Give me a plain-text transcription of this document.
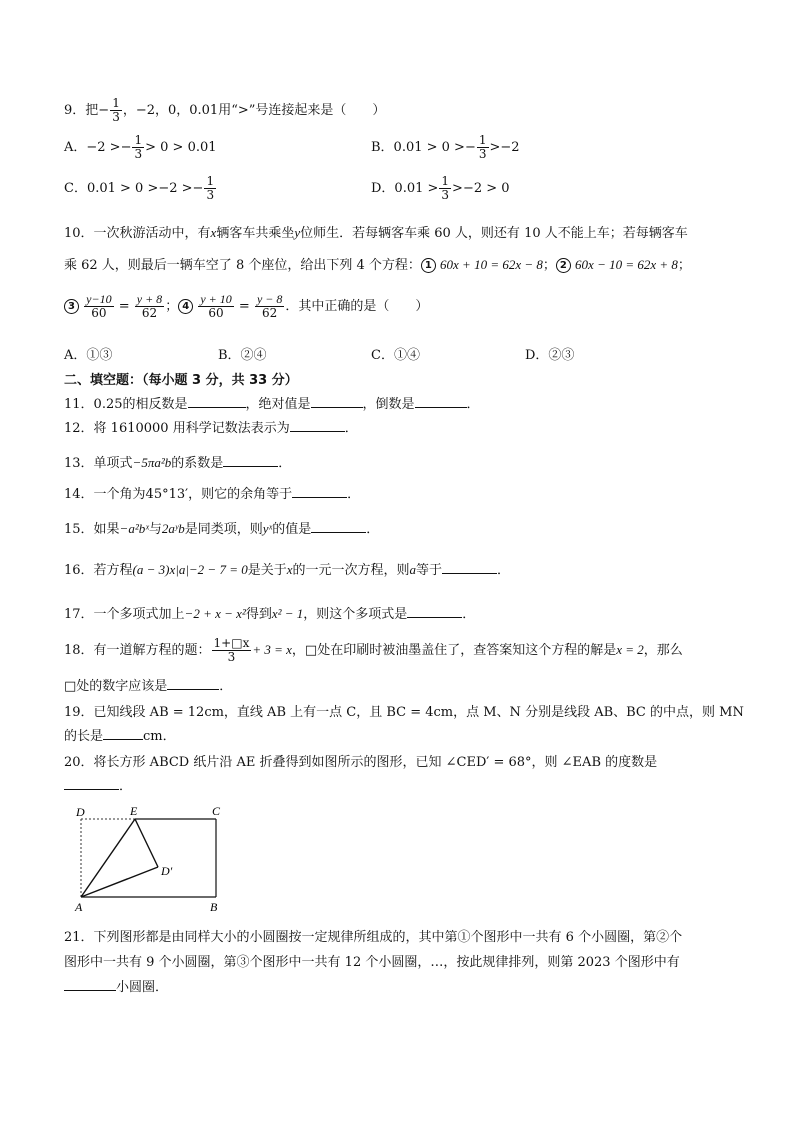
9．把− $\frac{1}{3}$ ，−2，0，0.01用“>”号连接起来是（　　）
A．$-2 >- \frac{1}{3} > 0 > 0.01$	B．$0.01 > 0 >- \frac{1}{3} >-2$
C．$0.01 > 0 >-2 >- \frac{1}{3}$	D．$0.01 > \frac{1}{3} >-2 > 0$
10．一次秋游活动中，有x辆客车共乘坐y位师生．若每辆客车乘 60 人，则还有 10 人不能上车；若每辆客车
乘 62 人，则最后一辆车空了 8 个座位，给出下列 4 个方程： 1 60x + 10 = 62x − 8； 2 60x − 10 = 62x + 8；
$3 \frac{y-10}{60} = \frac{y + 8}{62}$ ； $4 \frac{y + 10}{60} = \frac{y - 8}{62}$ ．其中正确的是（　　）
A．①③	B．②④	C．①④	D．②③
二、填空题：（每小题 3 分，共 33 分）
11．0.25的相反数是	，绝对值是	，倒数是	．
12．将 1610000 用科学记数法表示为	．
13．单项式−5πa²b的系数是	．
14．一个角为45°13′，则它的余角等于	．
15．如果−a²bˣ与2aʸb是同类项，则yˣ的值是	．
16．若方程(a − 3)x|a|−2 − 7 = 0是关于x的一元一次方程，则a等于	．
17．一个多项式加上−2 + x − x²得到x² − 1，则这个多项式是	．
18．有一道解方程的题： $\frac{1+□x}{3} + 3 = x$，□处在印刷时被油墨盖住了，查答案知这个方程的解是x = 2，那么
□处的数字应该是	．
19．已知线段 AB = 12cm，直线 AB 上有一点 C，且 BC = 4cm，点 M、N 分别是线段 AB、BC 的中点，则 MN
的长是	cm．
20．将长方形 ABCD 纸片沿 AE 折叠得到如图所示的图形，已知 ∠CED′ = 68°，则 ∠EAB 的度数是
．
D	E	C
D′
A	B
21．下列图形都是由同样大小的小圆圈按一定规律所组成的，其中第①个图形中一共有 6 个小圆圈，第②个
图形中一共有 9 个小圆圈，第③个图形中一共有 12 个小圆圈，…，按此规律排列，则第 2023 个图形中有
小圆圈．
